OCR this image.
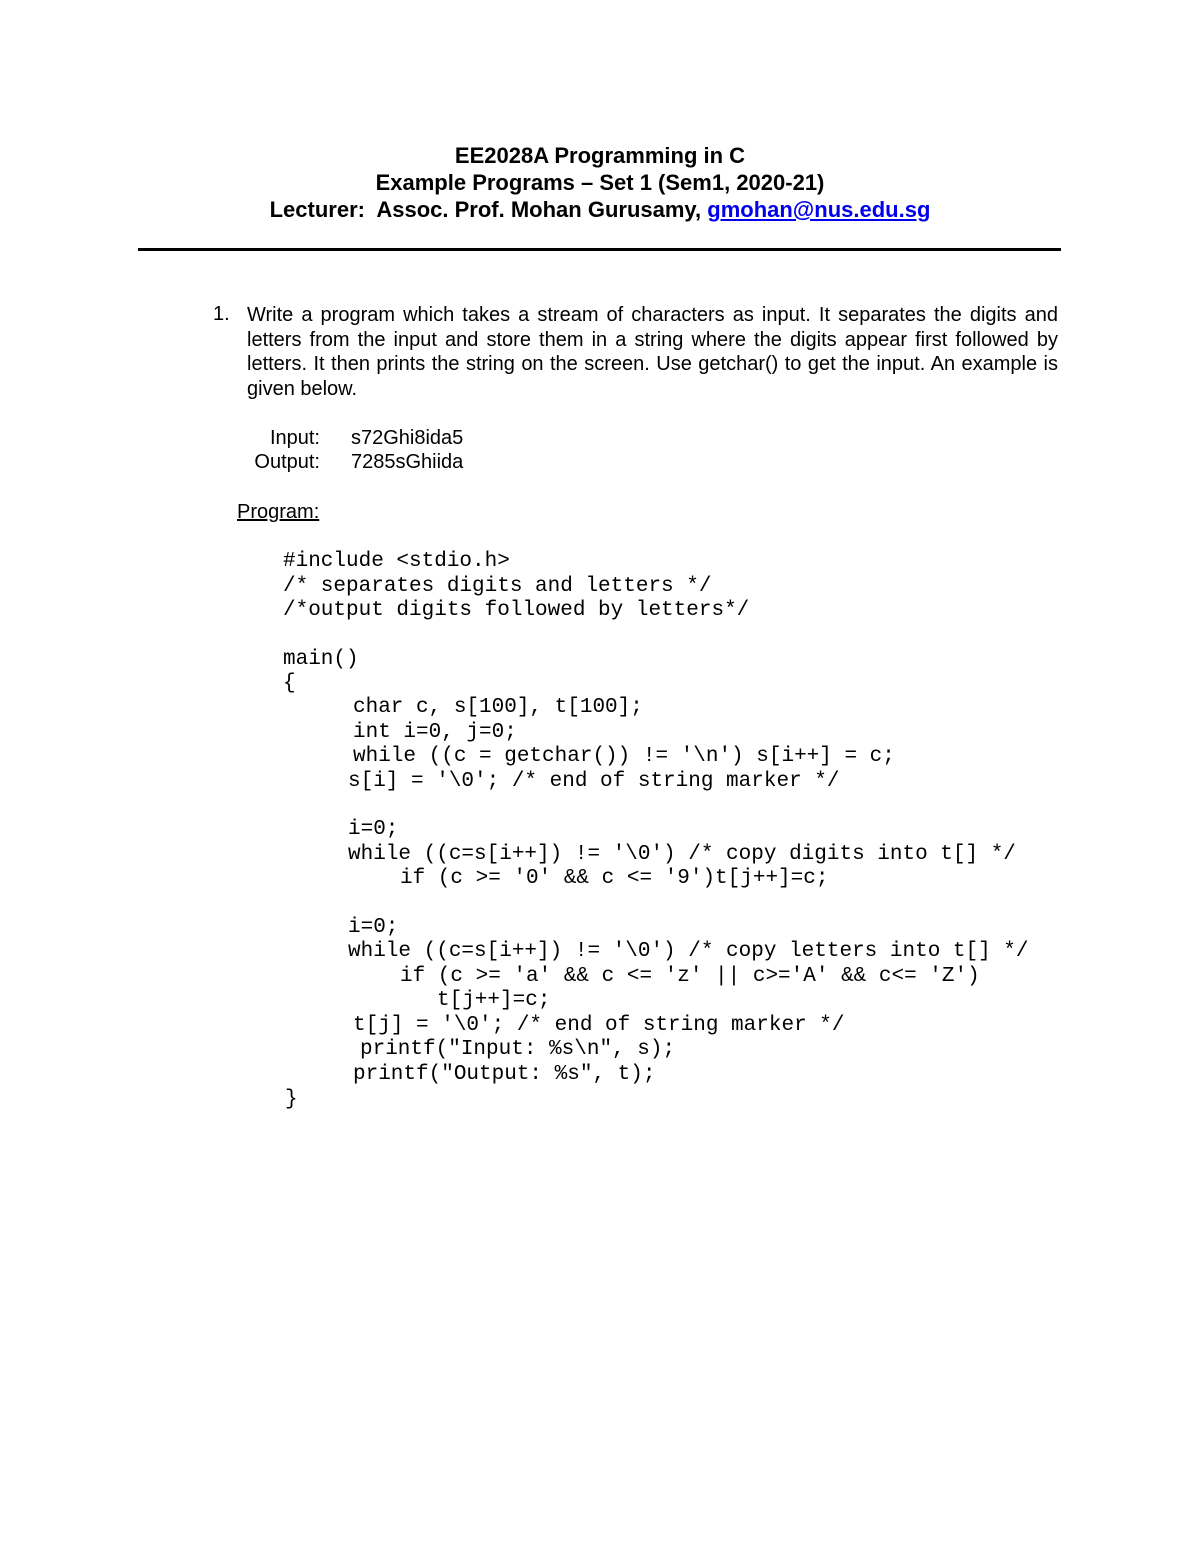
EE2028A Programming in C
Example Programs – Set 1 (Sem1, 2020-21)
Lecturer:  Assoc. Prof. Mohan Gurusamy, gmohan@nus.edu.sg
1. Write a program which takes a stream of characters as input. It separates the digits and letters from the input and store them in a string where the digits appear first followed by letters. It then prints the string on the screen. Use getchar() to get the input. An example is given below.
Input: s72Ghi8ida5
Output: 7285sGhiida
Program:
#include <stdio.h>
/* separates digits and letters */
/*output digits followed by letters*/
main()
{
char c, s[100], t[100];
int i=0, j=0;
while ((c = getchar()) != '\n') s[i++] = c;
s[i] = '\0'; /* end of string marker */
i=0;
while ((c=s[i++]) != '\0') /* copy digits into t[] */
if (c >= '0' && c <= '9')t[j++]=c;
i=0;
while ((c=s[i++]) != '\0') /* copy letters into t[] */
if (c >= 'a' && c <= 'z' || c>='A' && c<= 'Z')
t[j++]=c;
t[j] = '\0'; /* end of string marker */
printf("Input: %s\n", s);
printf("Output: %s", t);
}
